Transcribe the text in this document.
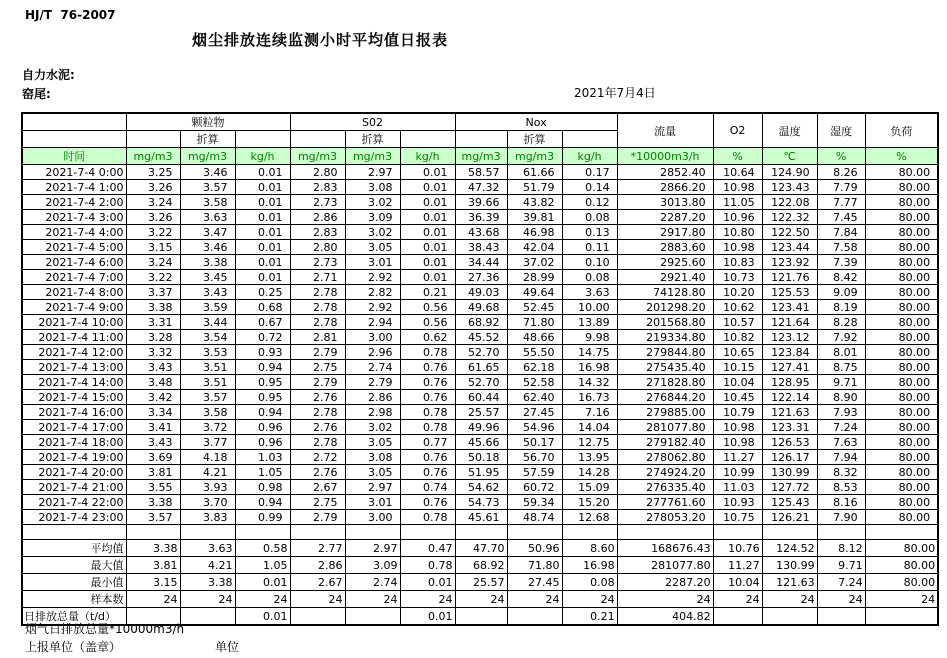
HJ/T  76-2007
烟尘排放连续监测小时平均值日报表
自力水泥:
窑尾:	2021年7月4日
	颗粒物			S02			Nox			流量	O2	温度	湿度	负荷
		折算			折算			折算						
时间	mg/m3	mg/m3	kg/h	mg/m3	mg/m3	kg/h	mg/m3	mg/m3	kg/h	*10000m3/h	%	℃	%	%
2021-7-4 0:00	3.25	3.46	0.01	2.80	2.97	0.01	58.57	61.66	0.17	2852.40	10.64	124.90	8.26	80.00
2021-7-4 1:00	3.26	3.57	0.01	2.83	3.08	0.01	47.32	51.79	0.14	2866.20	10.98	123.43	7.79	80.00
2021-7-4 2:00	3.24	3.58	0.01	2.73	3.02	0.01	39.66	43.82	0.12	3013.80	11.05	122.08	7.77	80.00
2021-7-4 3:00	3.26	3.63	0.01	2.86	3.09	0.01	36.39	39.81	0.08	2287.20	10.96	122.32	7.45	80.00
2021-7-4 4:00	3.22	3.47	0.01	2.83	3.02	0.01	43.68	46.98	0.13	2917.80	10.80	122.50	7.84	80.00
2021-7-4 5:00	3.15	3.46	0.01	2.80	3.05	0.01	38.43	42.04	0.11	2883.60	10.98	123.44	7.58	80.00
2021-7-4 6:00	3.24	3.38	0.01	2.73	3.01	0.01	34.44	37.02	0.10	2925.60	10.83	123.92	7.39	80.00
2021-7-4 7:00	3.22	3.45	0.01	2.71	2.92	0.01	27.36	28.99	0.08	2921.40	10.73	121.76	8.42	80.00
2021-7-4 8:00	3.37	3.43	0.25	2.78	2.82	0.21	49.03	49.64	3.63	74128.80	10.20	125.53	9.09	80.00
2021-7-4 9:00	3.38	3.59	0.68	2.78	2.92	0.56	49.68	52.45	10.00	201298.20	10.62	123.41	8.19	80.00
2021-7-4 10:00	3.31	3.44	0.67	2.78	2.94	0.56	68.92	71.80	13.89	201568.80	10.57	121.64	8.28	80.00
2021-7-4 11:00	3.28	3.54	0.72	2.81	3.00	0.62	45.52	48.66	9.98	219334.80	10.82	123.12	7.92	80.00
2021-7-4 12:00	3.32	3.53	0.93	2.79	2.96	0.78	52.70	55.50	14.75	279844.80	10.65	123.84	8.01	80.00
2021-7-4 13:00	3.43	3.51	0.94	2.75	2.74	0.76	61.65	62.18	16.98	275435.40	10.15	127.41	8.75	80.00
2021-7-4 14:00	3.48	3.51	0.95	2.79	2.79	0.76	52.70	52.58	14.32	271828.80	10.04	128.95	9.71	80.00
2021-7-4 15:00	3.42	3.57	0.95	2.76	2.86	0.76	60.44	62.40	16.73	276844.20	10.45	122.14	8.90	80.00
2021-7-4 16:00	3.34	3.58	0.94	2.78	2.98	0.78	25.57	27.45	7.16	279885.00	10.79	121.63	7.93	80.00
2021-7-4 17:00	3.41	3.72	0.96	2.76	3.02	0.78	49.96	54.96	14.04	281077.80	10.98	123.31	7.24	80.00
2021-7-4 18:00	3.43	3.77	0.96	2.78	3.05	0.77	45.66	50.17	12.75	279182.40	10.98	126.53	7.63	80.00
2021-7-4 19:00	3.69	4.18	1.03	2.72	3.08	0.76	50.18	56.70	13.95	278062.80	11.27	126.17	7.94	80.00
2021-7-4 20:00	3.81	4.21	1.05	2.76	3.05	0.76	51.95	57.59	14.28	274924.20	10.99	130.99	8.32	80.00
2021-7-4 21:00	3.55	3.93	0.98	2.67	2.97	0.74	54.62	60.72	15.09	276335.40	11.03	127.72	8.53	80.00
2021-7-4 22:00	3.38	3.70	0.94	2.75	3.01	0.76	54.73	59.34	15.20	277761.60	10.93	125.43	8.16	80.00
2021-7-4 23:00	3.57	3.83	0.99	2.79	3.00	0.78	45.61	48.74	12.68	278053.20	10.75	126.21	7.90	80.00

平均值	3.38	3.63	0.58	2.77	2.97	0.47	47.70	50.96	8.60	168676.43	10.76	124.52	8.12	80.00
最大值	3.81	4.21	1.05	2.86	3.09	0.78	68.92	71.80	16.98	281077.80	11.27	130.99	9.71	80.00
最小值	3.15	3.38	0.01	2.67	2.74	0.01	25.57	27.45	0.08	2287.20	10.04	121.63	7.24	80.00
样本数	24	24	24	24	24	24	24	24	24	24	24	24	24	24
日排放总量（t/d）			0.01			0.01			0.21	404.82				
烟气日排放总量*10000m3/h
上报单位（盖章）	单位
